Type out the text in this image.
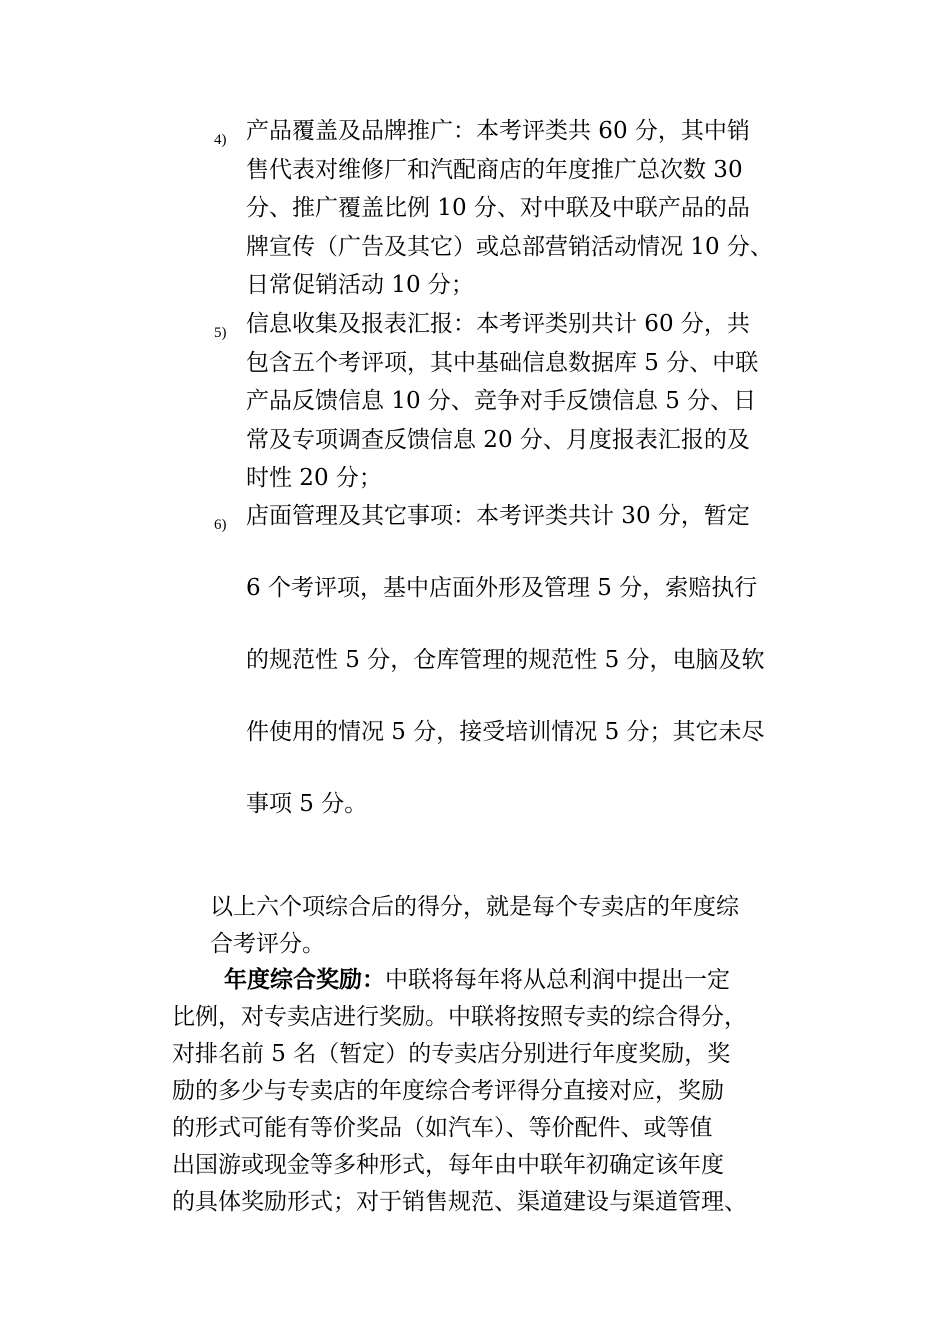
4) 产品覆盖及品牌推广：本考评类共 60 分，其中销
售代表对维修厂和汽配商店的年度推广总次数 30
分、推广覆盖比例 10 分、对中联及中联产品的品
牌宣传（广告及其它）或总部营销活动情况 10 分、
日常促销活动 10 分；
5) 信息收集及报表汇报：本考评类别共计 60 分，共
包含五个考评项，其中基础信息数据库 5 分、中联
产品反馈信息 10 分、竞争对手反馈信息 5 分、日
常及专项调查反馈信息 20 分、月度报表汇报的及
时性 20 分；
6) 店面管理及其它事项：本考评类共计 30 分，暂定
6 个考评项，基中店面外形及管理 5 分，索赔执行
的规范性 5 分，仓库管理的规范性 5 分，电脑及软
件使用的情况 5 分，接受培训情况 5 分；其它未尽
事项 5 分。
以上六个项综合后的得分，就是每个专卖店的年度综
合考评分。
年度综合奖励：中联将每年将从总利润中提出一定
比例，对专卖店进行奖励。中联将按照专卖的综合得分，
对排名前 5 名（暂定）的专卖店分别进行年度奖励，奖
励的多少与专卖店的年度综合考评得分直接对应，奖励
的形式可能有等价奖品（如汽车）、等价配件、或等值
出国游或现金等多种形式，每年由中联年初确定该年度
的具体奖励形式；对于销售规范、渠道建设与渠道管理、
